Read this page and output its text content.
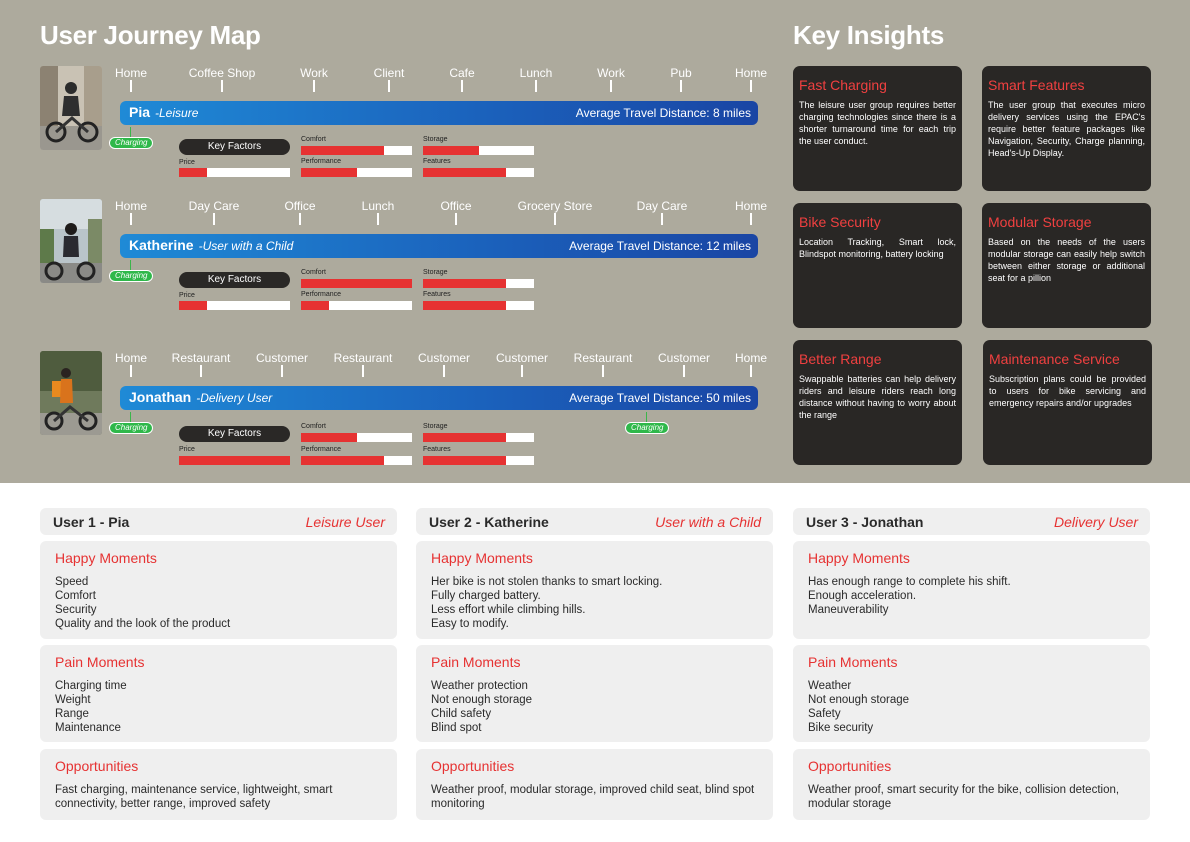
User Journey Map	Key Insights
Home	Coffee Shop	Work	Client	Cafe	Lunch	Work	Pub	Home
Pia -Leisure	Average Travel Distance: 8 miles
Charging	Key Factors
Price
Comfort
Performance
Storage
Features
Home	Day Care	Office	Lunch	Office	Grocery Store	Day Care	Home
Katherine -User with a Child	Average Travel Distance: 12 miles
Charging	Key Factors
Price
Comfort
Performance
Storage
Features
Home Restaurant Customer Restaurant Customer Customer Restaurant Customer Home
Jonathan -Delivery User	Average Travel Distance: 50 miles
Charging	Charging
Key Factors
Price
Comfort
Performance
Storage
Features
Fast Charging
The leisure user group requires better charging technologies since there is a shorter turnaround time for each trip the user conduct.
Smart Features
The user group that executes micro delivery services using the EPAC's require better feature packages like Navigation, Security, Charge planning, Head's-Up Display.
Bike Security
Location Tracking, Smart lock, Blindspot monitoring, battery locking
Modular Storage
Based on the needs of the users modular storage can easily help switch between either storage or additional seat for a pillion
Better Range
Swappable batteries can help delivery riders and leisure riders reach long distance without having to worry about the range
Maintenance Service
Subscription plans could be provided to users for bike servicing and emergency repairs and/or upgrades
User 1 - Pia	Leisure User
Happy Moments
Speed
Comfort
Security
Quality and the look of the product
Pain Moments
Charging time
Weight
Range
Maintenance
Opportunities
Fast charging, maintenance service, lightweight, smart connectivity, better range, improved safety
User 2 - Katherine	User with a Child
Happy Moments
Her bike is not stolen thanks to smart locking.
Fully charged battery.
Less effort while climbing hills.
Easy to modify.
Pain Moments
Weather protection
Not enough storage
Child safety
Blind spot
Opportunities
Weather proof, modular storage, improved child seat, blind spot monitoring
User 3 - Jonathan	Delivery User
Happy Moments
Has enough range to complete his shift.
Enough acceleration.
Maneuverability
Pain Moments
Weather
Not enough storage
Safety
Bike security
Opportunities
Weather proof, smart security for the bike, collision detection, modular storage
